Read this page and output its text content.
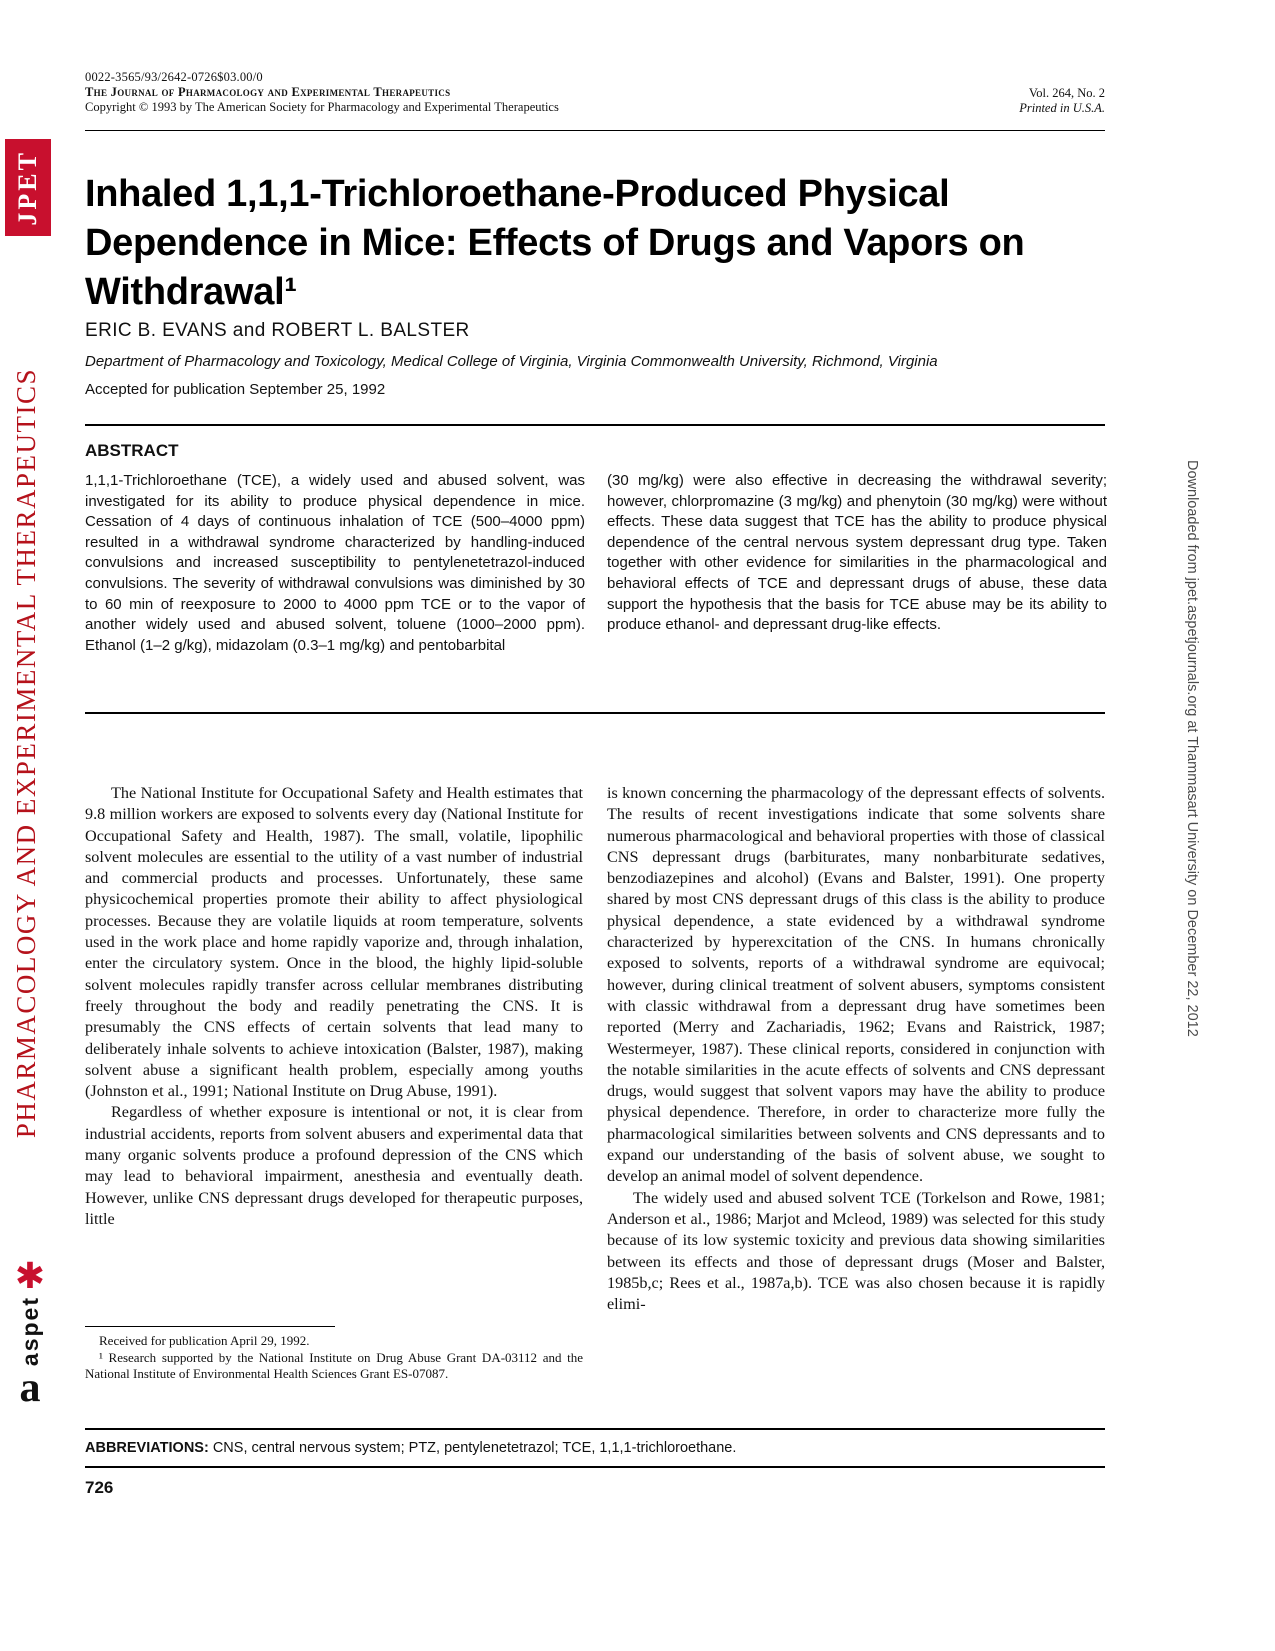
0022-3565/93/2642-0726$03.00/0
The Journal of Pharmacology and Experimental Therapeutics
Copyright © 1993 by The American Society for Pharmacology and Experimental Therapeutics
Vol. 264, No. 2
Printed in U.S.A.
Inhaled 1,1,1-Trichloroethane-Produced Physical Dependence in Mice: Effects of Drugs and Vapors on Withdrawal¹
ERIC B. EVANS and ROBERT L. BALSTER
Department of Pharmacology and Toxicology, Medical College of Virginia, Virginia Commonwealth University, Richmond, Virginia
Accepted for publication September 25, 1992
ABSTRACT
1,1,1-Trichloroethane (TCE), a widely used and abused solvent, was investigated for its ability to produce physical dependence in mice. Cessation of 4 days of continuous inhalation of TCE (500–4000 ppm) resulted in a withdrawal syndrome characterized by handling-induced convulsions and increased susceptibility to pentylenetetrazol-induced convulsions. The severity of withdrawal convulsions was diminished by 30 to 60 min of reexposure to 2000 to 4000 ppm TCE or to the vapor of another widely used and abused solvent, toluene (1000–2000 ppm). Ethanol (1–2 g/kg), midazolam (0.3–1 mg/kg) and pentobarbital
(30 mg/kg) were also effective in decreasing the withdrawal severity; however, chlorpromazine (3 mg/kg) and phenytoin (30 mg/kg) were without effects. These data suggest that TCE has the ability to produce physical dependence of the central nervous system depressant drug type. Taken together with other evidence for similarities in the pharmacological and behavioral effects of TCE and depressant drugs of abuse, these data support the hypothesis that the basis for TCE abuse may be its ability to produce ethanol- and depressant drug-like effects.

The National Institute for Occupational Safety and Health estimates that 9.8 million workers are exposed to solvents every day (National Institute for Occupational Safety and Health, 1987). The small, volatile, lipophilic solvent molecules are essential to the utility of a vast number of industrial and commercial products and processes. Unfortunately, these same physicochemical properties promote their ability to affect physiological processes. Because they are volatile liquids at room temperature, solvents used in the work place and home rapidly vaporize and, through inhalation, enter the circulatory system. Once in the blood, the highly lipid-soluble solvent molecules rapidly transfer across cellular membranes distributing freely throughout the body and readily penetrating the CNS. It is presumably the CNS effects of certain solvents that lead many to deliberately inhale solvents to achieve intoxication (Balster, 1987), making solvent abuse a significant health problem, especially among youths (Johnston et al., 1991; National Institute on Drug Abuse, 1991).

Regardless of whether exposure is intentional or not, it is clear from industrial accidents, reports from solvent abusers and experimental data that many organic solvents produce a profound depression of the CNS which may lead to behavioral impairment, anesthesia and eventually death. However, unlike CNS depressant drugs developed for therapeutic purposes, little

is known concerning the pharmacology of the depressant effects of solvents. The results of recent investigations indicate that some solvents share numerous pharmacological and behavioral properties with those of classical CNS depressant drugs (barbiturates, many nonbarbiturate sedatives, benzodiazepines and alcohol) (Evans and Balster, 1991). One property shared by most CNS depressant drugs of this class is the ability to produce physical dependence, a state evidenced by a withdrawal syndrome characterized by hyperexcitation of the CNS. In humans chronically exposed to solvents, reports of a withdrawal syndrome are equivocal; however, during clinical treatment of solvent abusers, symptoms consistent with classic withdrawal from a depressant drug have sometimes been reported (Merry and Zachariadis, 1962; Evans and Raistrick, 1987; Westermeyer, 1987). These clinical reports, considered in conjunction with the notable similarities in the acute effects of solvents and CNS depressant drugs, would suggest that solvent vapors may have the ability to produce physical dependence. Therefore, in order to characterize more fully the pharmacological similarities between solvents and CNS depressants and to expand our understanding of the basis of solvent abuse, we sought to develop an animal model of solvent dependence.

The widely used and abused solvent TCE (Torkelson and Rowe, 1981; Anderson et al., 1986; Marjot and Mcleod, 1989) was selected for this study because of its low systemic toxicity and previous data showing similarities between its effects and those of depressant drugs (Moser and Balster, 1985b,c; Rees et al., 1987a,b). TCE was also chosen because it is rapidly elimi-

Received for publication April 29, 1992.

¹ Research supported by the National Institute on Drug Abuse Grant DA-03112 and the National Institute of Environmental Health Sciences Grant ES-07087.

ABBREVIATIONS: CNS, central nervous system; PTZ, pentylenetetrazol; TCE, 1,1,1-trichloroethane.
726
JPET
PHARMACOLOGY AND EXPERIMENTAL THERAPEUTICS
✱
aspet
a
Downloaded from jpet.aspetjournals.org at Thammasart University on December 22, 2012
